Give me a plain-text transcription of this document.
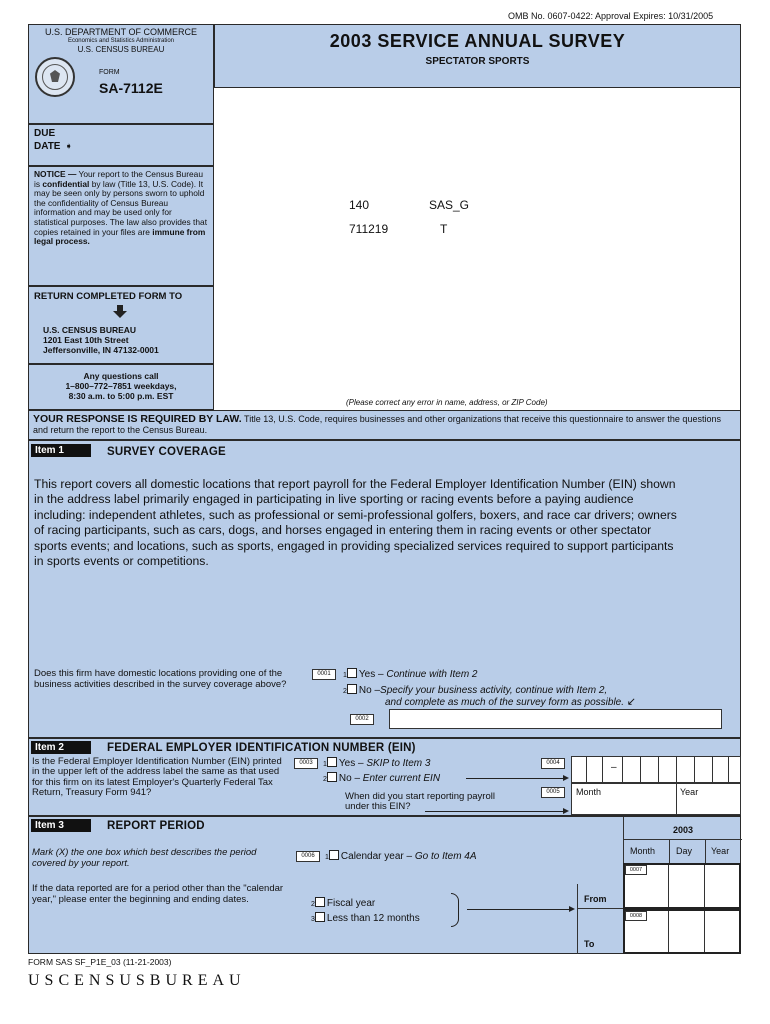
OMB No. 0607-0422: Approval Expires: 10/31/2005
U.S. DEPARTMENT OF COMMERCE
Economics and Statistics Administration
U.S. CENSUS BUREAU
FORM
SA-7112E
2003 SERVICE ANNUAL SURVEY
SPECTATOR SPORTS
DUE
DATE ➧
NOTICE — Your report to the Census Bureau is confidential by law (Title 13, U.S. Code). It may be seen only by persons sworn to uphold the confidentiality of Census Bureau information and may be used only for statistical purposes. The law also provides that copies retained in your files are immune from legal process.
RETURN COMPLETED FORM TO
U.S. CENSUS BUREAU
1201 East 10th Street
Jeffersonville, IN 47132-0001
Any questions call
1–800–772–7851 weekdays,
8:30 a.m. to 5:00 p.m. EST
140	SAS_G
711219	T
(Please correct any error in name, address, or ZIP Code)
YOUR RESPONSE IS REQUIRED BY LAW. Title 13, U.S. Code, requires businesses and other organizations that receive this questionnaire to answer the questions and return the report to the Census Bureau.
Item 1	SURVEY COVERAGE
This report covers all domestic locations that report payroll for the Federal Employer Identification Number (EIN) shown in the address label primarily engaged in participating in live sporting or racing events before a paying audience including: independent athletes, such as professional or semi-professional golfers, boxers, and race car drivers; owners of racing participants, such as cars, dogs, and horses engaged in entering them in racing events or other spectator sports events; and locations, such as sports, engaged in providing specialized services required to support participants in sports events or competitions.
Does this firm have domestic locations providing one of the business activities described in the survey coverage above?
0001	1 Yes – Continue with Item 2
2 No –Specify your business activity, continue with Item 2,
and complete as much of the survey form as possible. ↙
0002
Item 2	FEDERAL EMPLOYER IDENTIFICATION NUMBER (EIN)
Is the Federal Employer Identification Number (EIN) printed in the upper left of the address label the same as that used for this firm on its latest Employer's Quarterly Federal Tax Return, Treasury Form 941?
0003	1 Yes – SKIP to Item 3
2 No – Enter current EIN
0004	–
When did you start reporting payroll
under this EIN?
0005	Month	Year
Item 3	REPORT PERIOD
Mark (X) the one box which best describes the period covered by your report.
If the data reported are for a period other than the "calendar year," please enter the beginning and ending dates.
0006	1 Calendar year – Go to Item 4A
2 Fiscal year
3 Less than 12 months
From
To
2003
Month Day Year
0007
0008
FORM SAS SF_P1E_03 (11-21-2003)
USCENSUSBUREAU
